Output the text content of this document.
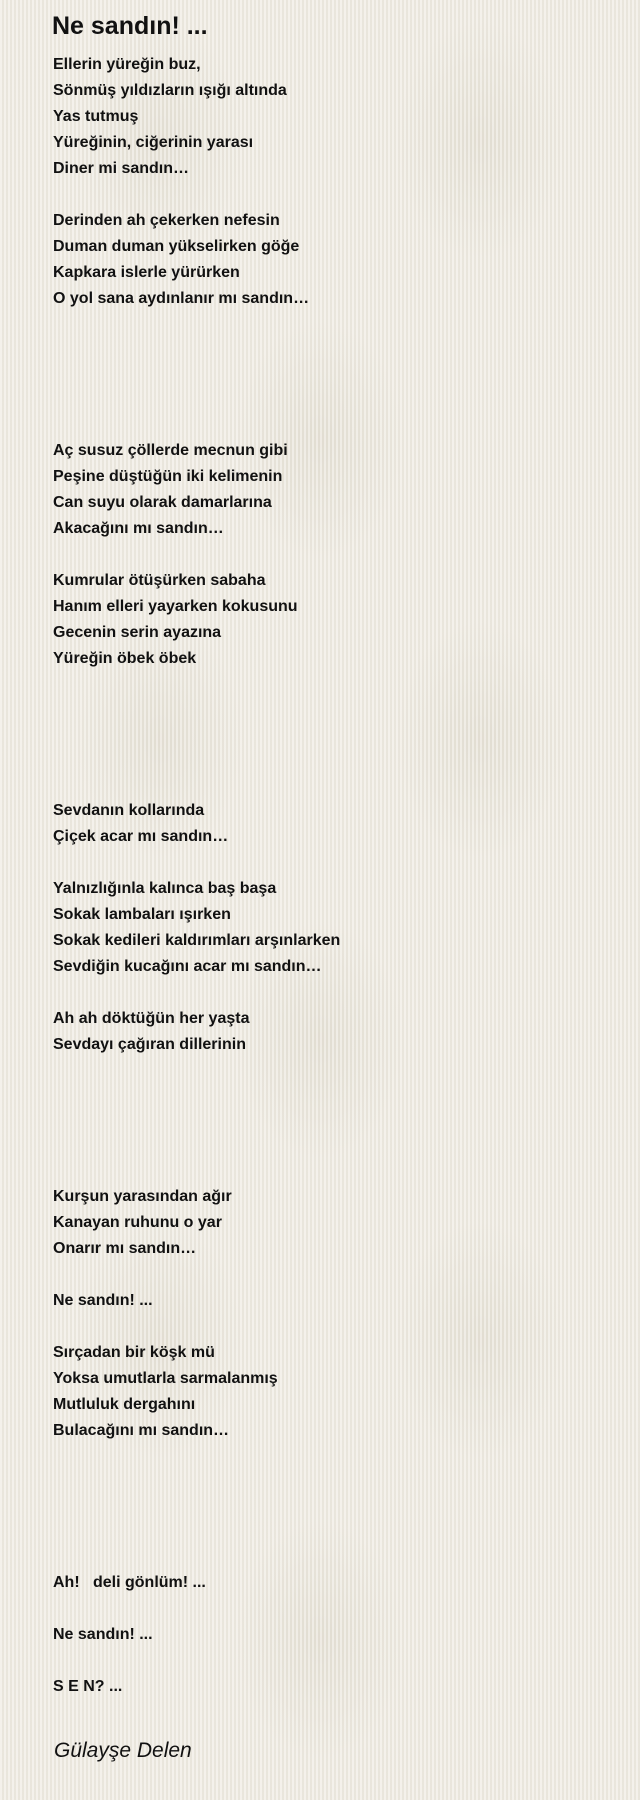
Ne sandın! ...
Ellerin yüreğin buz,
Sönmüş yıldızların ışığı altında
Yas tutmuş
Yüreğinin, ciğerinin yarası
Diner mi sandın…
Derinden ah çekerken nefesin
Duman duman yükselirken göğe
Kapkara islerle yürürken
O yol sana aydınlanır mı sandın…
Aç susuz çöllerde mecnun gibi
Peşine düştüğün iki kelimenin
Can suyu olarak damarlarına
Akacağını mı sandın…
Kumrular ötüşürken sabaha
Hanım elleri yayarken kokusunu
Gecenin serin ayazına
Yüreğin öbek öbek
Sevdanın kollarında
Çiçek acar mı sandın…
Yalnızlığınla kalınca baş başa
Sokak lambaları ışırken
Sokak kedileri kaldırımları arşınlarken
Sevdiğin kucağını acar mı sandın…
Ah ah döktüğün her yaşta
Sevdayı çağıran dillerinin
Kurşun yarasından ağır
Kanayan ruhunu o yar
Onarır mı sandın…
Ne sandın! ...
Sırçadan bir köşk mü
Yoksa umutlarla sarmalanmış
Mutluluk dergahını
Bulacağını mı sandın…
Ah!   deli gönlüm! ...
Ne sandın! ...
S E N? ...
Gülayşe Delen
